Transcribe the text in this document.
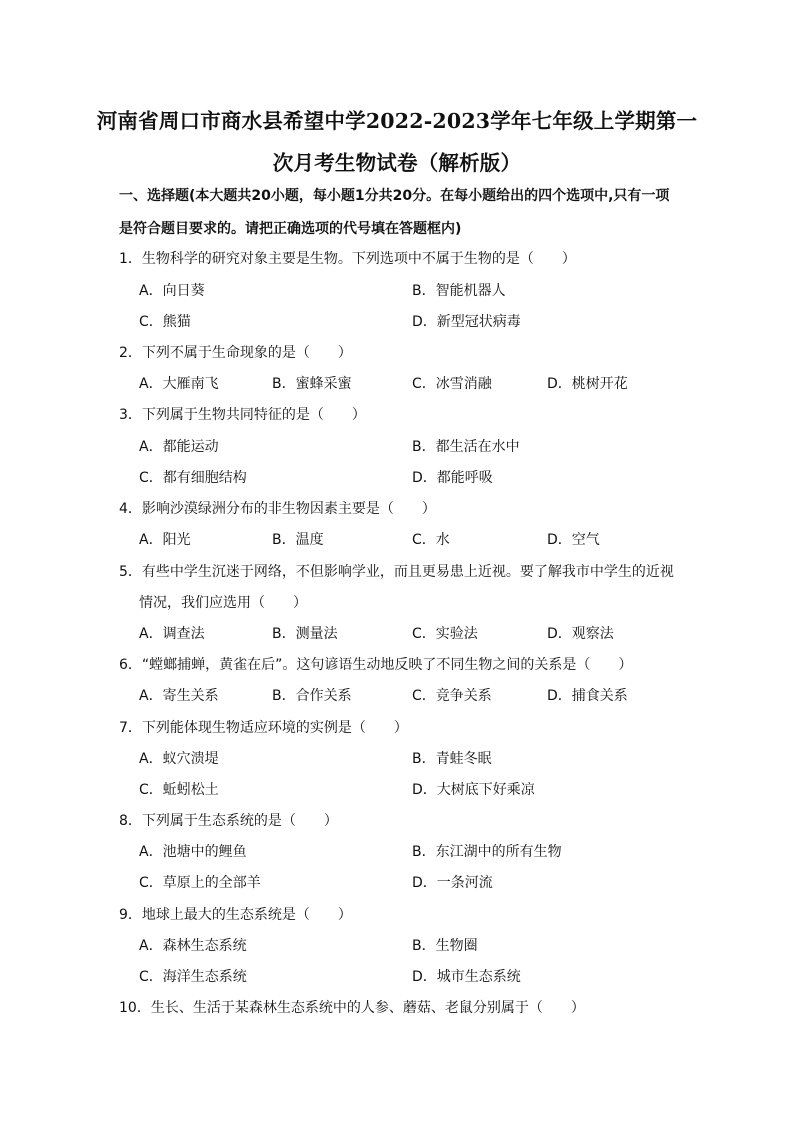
河南省周口市商水县希望中学2022-2023学年七年级上学期第一
次月考生物试卷（解析版）
一、选择题(本大题共20小题，每小题1分共20分。在每小题给出的四个选项中,只有一项
是符合题目要求的。请把正确选项的代号填在答题框内)
1．生物科学的研究对象主要是生物。下列选项中不属于生物的是（　　）
A．向日葵	B．智能机器人
C．熊猫	D．新型冠状病毒
2．下列不属于生命现象的是（　　）
A．大雁南飞	B．蜜蜂采蜜	C．冰雪消融	D．桃树开花
3．下列属于生物共同特征的是（　　）
A．都能运动	B．都生活在水中
C．都有细胞结构	D．都能呼吸
4．影响沙漠绿洲分布的非生物因素主要是（　　）
A．阳光	B．温度	C．水	D．空气
5．有些中学生沉迷于网络，不但影响学业，而且更易患上近视。要了解我市中学生的近视
情况，我们应选用（　　）
A．调查法	B．测量法	C．实验法	D．观察法
6．“螳螂捕蝉，黄雀在后”。这句谚语生动地反映了不同生物之间的关系是（　　）
A．寄生关系	B．合作关系	C．竞争关系	D．捕食关系
7．下列能体现生物适应环境的实例是（　　）
A．蚁穴溃堤	B．青蛙冬眠
C．蚯蚓松土	D．大树底下好乘凉
8．下列属于生态系统的是（　　）
A．池塘中的鲤鱼	B．东江湖中的所有生物
C．草原上的全部羊	D．一条河流
9．地球上最大的生态系统是（　　）
A．森林生态系统	B．生物圈
C．海洋生态系统	D．城市生态系统
10．生长、生活于某森林生态系统中的人参、蘑菇、老鼠分别属于（　　）
